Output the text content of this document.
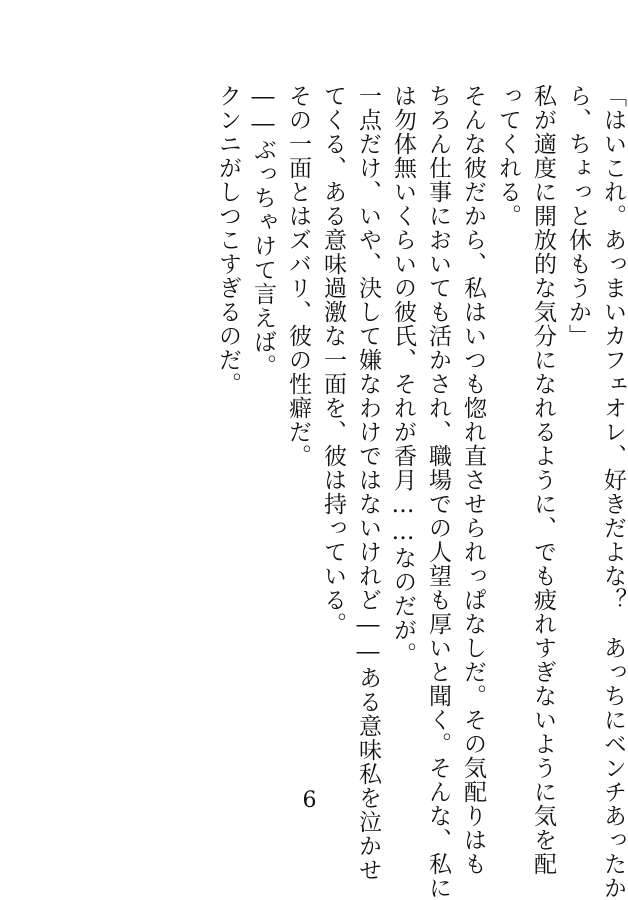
「はいこれ。あっまいカフェオレ、好きだよな？　あっちにベンチあったか
ら、ちょっと休もうか」
私が適度に開放的な気分になれるように、でも疲れすぎないように気を配
ってくれる。
そんな彼だから、私はいつも惚れ直させられっぱなしだ。その気配りはも
ちろん仕事においても活かされ、職場での人望も厚いと聞く。そんな、私に
は勿体無いくらいの彼氏、それが香月……なのだが。
一点だけ、いや、決して嫌なわけではないけれど――ある意味私を泣かせ
てくる、ある意味過激な一面を、彼は持っている。
その一面とはズバリ、彼の性癖だ。
――ぶっちゃけて言えば。
クンニがしつこすぎるのだ。
6
